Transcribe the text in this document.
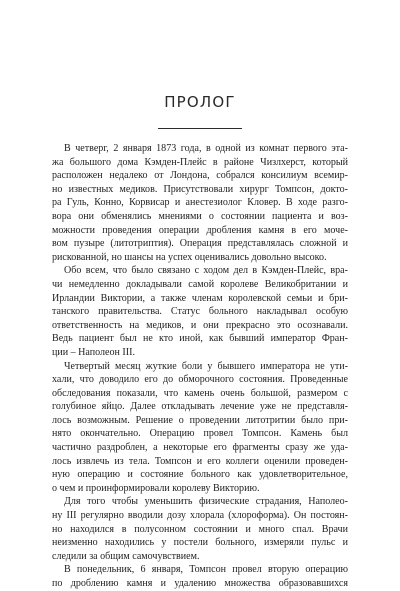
ПРОЛОГ
В четверг, 2 января 1873 года, в одной из комнат первого эта-
жа большого дома Кэмден-Плейс в районе Чизлхерст, который
расположен недалеко от Лондона, собрался консилиум всемир-
но известных медиков. Присутствовали хирург Томпсон, докто-
ра Гуль, Конно, Корвисар и анестезиолог Кловер. В ходе разго-
вора они обменялись мнениями о состоянии пациента и воз-
можности проведения операции дробления камня в его моче-
вом пузыре (литотриптия). Операция представлялась сложной и
рискованной, но шансы на успех оценивались довольно высоко.
Обо всем, что было связано с ходом дел в Кэмден-Плейс, вра-
чи немедленно докладывали самой королеве Великобритании и
Ирландии Виктории, а также членам королевской семьи и бри-
танского правительства. Статус больного накладывал особую
ответственность на медиков, и они прекрасно это осознавали.
Ведь пациент был не кто иной, как бывший император Фран-
ции – Наполеон III.
Четвертый месяц жуткие боли у бывшего императора не ути-
хали, что доводило его до обморочного состояния. Проведенные
обследования показали, что камень очень большой, размером с
голубиное яйцо. Далее откладывать лечение уже не представля-
лось возможным. Решение о проведении литотритии было при-
нято окончательно. Операцию провел Томпсон. Камень был
частично раздроблен, а некоторые его фрагменты сразу же уда-
лось извлечь из тела. Томпсон и его коллеги оценили проведен-
ную операцию и состояние больного как удовлетворительное,
о чем и проинформировали королеву Викторию.
Для того чтобы уменьшить физические страдания, Наполео-
ну III регулярно вводили дозу хлорала (хлороформа). Он постоян-
но находился в полусонном состоянии и много спал. Врачи
неизменно находились у постели больного, измеряли пульс и
следили за общим самочувствием.
В понедельник, 6 января, Томпсон провел вторую операцию
по дроблению камня и удалению множества образовавшихся
